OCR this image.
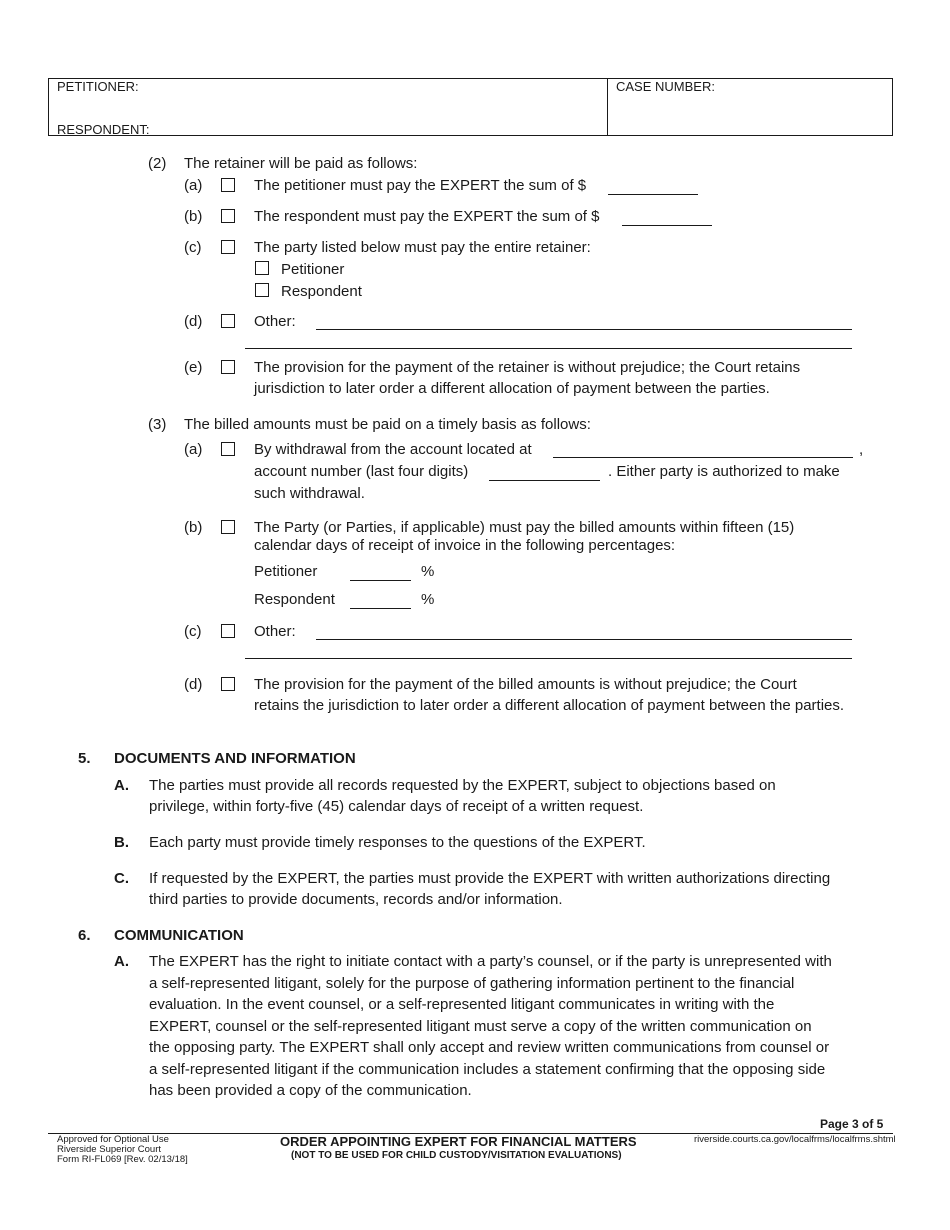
PETITIONER:
RESPONDENT:
CASE NUMBER:
(2) The retainer will be paid as follows:
(a)	The petitioner must pay the EXPERT the sum of $
(b)	The respondent must pay the EXPERT the sum of $
(c)	The party listed below must pay the entire retainer:
Petitioner
Respondent
(d)	Other:
(e)	The provision for the payment of the retainer is without prejudice; the Court retains
jurisdiction to later order a different allocation of payment between the parties.
(3) The billed amounts must be paid on a timely basis as follows:
(a)	By withdrawal from the account located at	,
account number (last four digits)	. Either party is authorized to make
such withdrawal.
(b)	The Party (or Parties, if applicable) must pay the billed amounts within fifteen (15)
calendar days of receipt of invoice in the following percentages:
Petitioner	%
Respondent	%
(c)	Other:
(d)	The provision for the payment of the billed amounts is without prejudice; the Court
retains the jurisdiction to later order a different allocation of payment between the parties.
5. DOCUMENTS AND INFORMATION
A. The parties must provide all records requested by the EXPERT, subject to objections based on
privilege, within forty-five (45) calendar days of receipt of a written request.
B. Each party must provide timely responses to the questions of the EXPERT.
C. If requested by the EXPERT, the parties must provide the EXPERT with written authorizations directing
third parties to provide documents, records and/or information.
6. COMMUNICATION
A. The EXPERT has the right to initiate contact with a party’s counsel, or if the party is unrepresented with
a self-represented litigant, solely for the purpose of gathering information pertinent to the financial
evaluation. In the event counsel, or a self-represented litigant communicates in writing with the
EXPERT, counsel or the self-represented litigant must serve a copy of the written communication on
the opposing party. The EXPERT shall only accept and review written communications from counsel or
a self-represented litigant if the communication includes a statement confirming that the opposing side
has been provided a copy of the communication.
Page 3 of 5
Approved for Optional Use
Riverside Superior Court
Form RI-FL069 [Rev. 02/13/18]
ORDER APPOINTING EXPERT FOR FINANCIAL MATTERS
(NOT TO BE USED FOR CHILD CUSTODY/VISITATION EVALUATIONS)
riverside.courts.ca.gov/localfrms/localfrms.shtml
